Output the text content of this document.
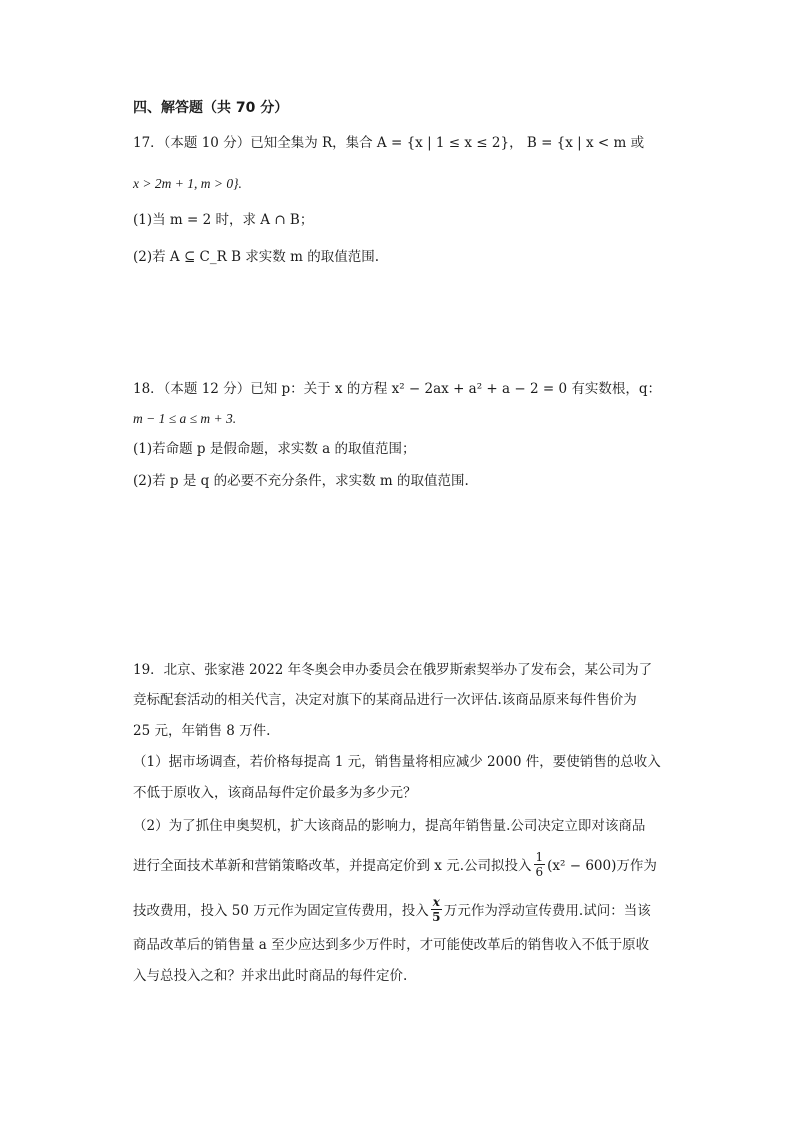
四、解答题（共 70 分）
17．（本题 10 分）已知全集为 R，集合 A = {x | 1 ≤ x ≤ 2}， B = {x | x < m 或
x > 2m + 1, m > 0}.
(1)当 m = 2 时，求 A ∩ B；
(2)若 A ⊆ C_R B 求实数 m 的取值范围.
18．（本题 12 分）已知 p：关于 x 的方程 x² − 2ax + a² + a − 2 = 0 有实数根，q：
m − 1 ≤ a ≤ m + 3.
(1)若命题 p 是假命题，求实数 a 的取值范围；
(2)若 p 是 q 的必要不充分条件，求实数 m 的取值范围.
19．北京、张家港 2022 年冬奥会申办委员会在俄罗斯索契举办了发布会，某公司为了
竞标配套活动的相关代言，决定对旗下的某商品进行一次评估.该商品原来每件售价为
25 元，年销售 8 万件.
（1）据市场调查，若价格每提高 1 元，销售量将相应减少 2000 件，要使销售的总收入
不低于原收入，该商品每件定价最多为多少元？
（2）为了抓住申奥契机，扩大该商品的影响力，提高年销售量.公司决定立即对该商品
进行全面技术革新和营销策略改革，并提高定价到 x 元.公司拟投入 $\frac{1}{6} (x^2 - 600)$万作为
技改费用，投入 50 万元作为固定宣传费用，投入 $\frac{x}{5}$ 万元作为浮动宣传费用.试问：当该
商品改革后的销售量 a 至少应达到多少万件时，才可能使改革后的销售收入不低于原收
入与总投入之和？并求出此时商品的每件定价.
